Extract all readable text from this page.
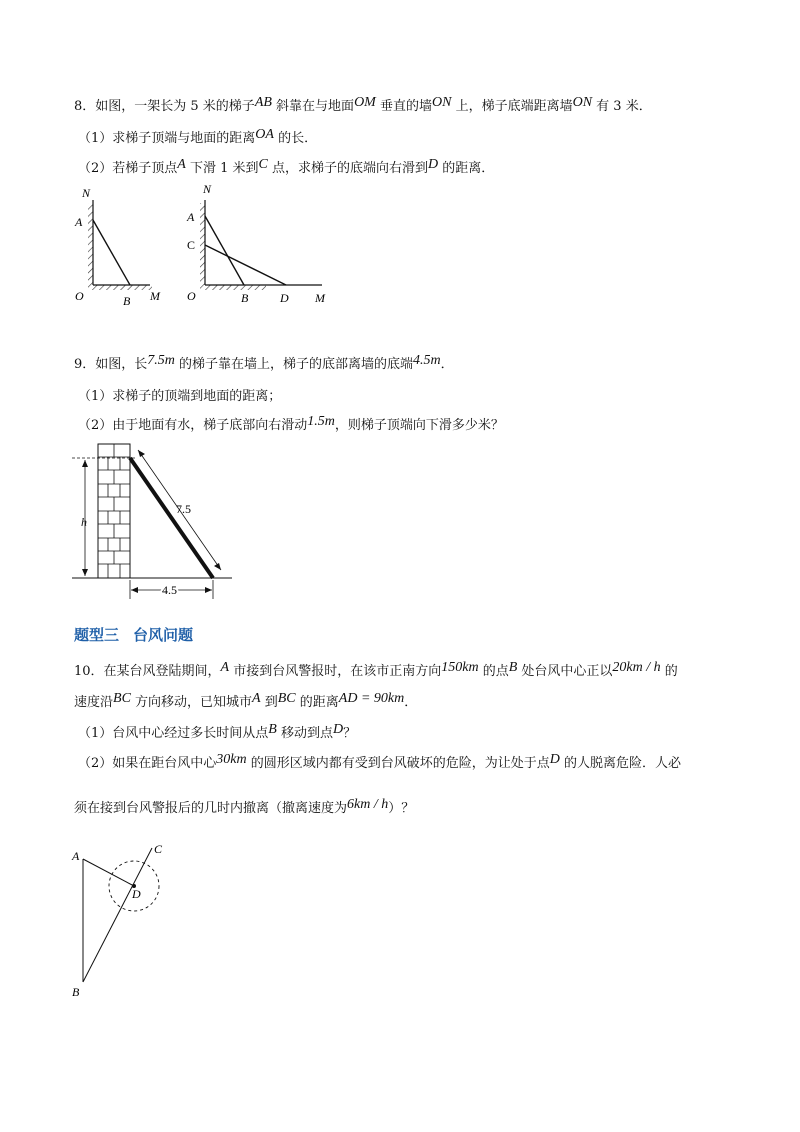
8．如图，一架长为 5 米的梯子AB 斜靠在与地面OM 垂直的墙ON 上，梯子底端距离墙ON 有 3 米．
（1）求梯子顶端与地面的距离OA 的长．
（2）若梯子顶点A 下滑 1 米到C 点，求梯子的底端向右滑到D 的距离．
9．如图，长7.5m 的梯子靠在墙上，梯子的底部离墙的底端4.5m．
（1）求梯子的顶端到地面的距离；
（2）由于地面有水，梯子底部向右滑动1.5m，则梯子顶端向下滑多少米？
题型三 台风问题
10．在某台风登陆期间，A 市接到台风警报时，在该市正南方向150km 的点B 处台风中心正以20km / h 的
速度沿BC 方向移动，已知城市A 到BC 的距离AD = 90km．
（1）台风中心经过多长时间从点B 移动到点D？
（2）如果在距台风中心30km 的圆形区域内都有受到台风破坏的危险，为让处于点D 的人脱离危险．人必
须在接到台风警报后的几时内撤离（撤离速度为6km / h）？
N
A
O	B M
N
A
C
O	B	D M
h
7.5
4.5
A
B
C
D
